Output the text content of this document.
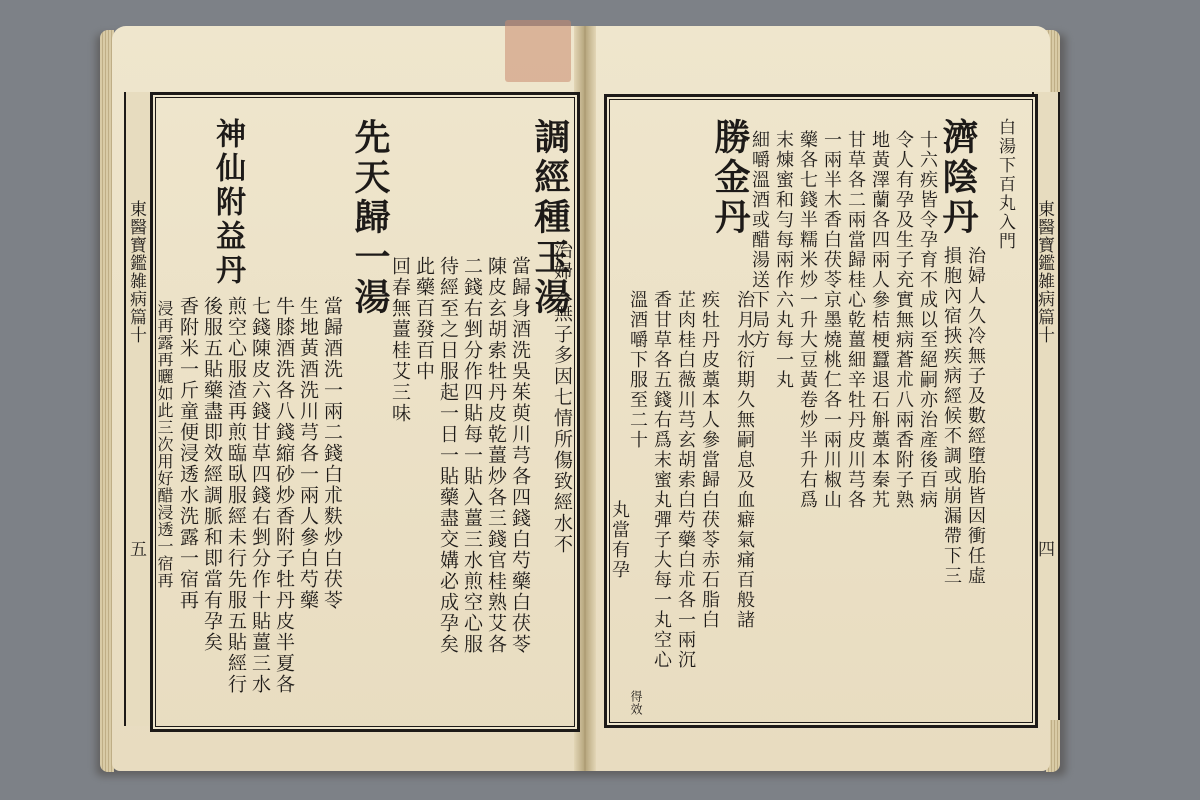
東醫寶鑑雑病篇十
五
東醫寶鑑雑病篇十
四
調經種玉湯
治婦人無子多因七情所傷致經水不
當歸身酒洗吳茱萸川芎各四錢白芍藥白茯苓
陳皮玄胡索牡丹皮乾薑炒各三錢官桂熟艾各
二錢右剉分作四貼每一貼入薑三水煎空心服
待經至之日服起一日一貼藥盡交媾必成孕矣
此藥百發百中
回春無薑桂艾三味
先天歸一湯
當歸酒洗一兩二錢白朮麩炒白茯苓
生地黃酒洗川芎各一兩人參白芍藥
牛膝酒洗各八錢縮砂炒香附子牡丹皮半夏各
七錢陳皮六錢甘草四錢右剉分作十貼薑三水
煎空心服渣再煎臨臥服經未行先服五貼經行
後服五貼藥盡即效經調脈和即當有孕矣
神仙附益丹
香附米一斤童便浸透水洗露一宿再
浸再露再曬如此三次用好醋浸透一宿再
白湯下百丸入門
濟陰丹
治婦人久冷無子及數經墮胎皆因衝任虛
損胞內宿挾疾病經候不調或崩漏帶下三
十六疾皆令孕育不成以至絕嗣亦治產後百病
令人有孕及生子充實無病蒼朮八兩香附子熟
地黃澤蘭各四兩人參桔梗蠶退石斛藁本秦艽
甘草各二兩當歸桂心乾薑細辛牡丹皮川芎各
一兩半木香白茯苓京墨燒桃仁各一兩川椒山
藥各七錢半糯米炒一升大豆黃卷炒半升右爲
末煉蜜和勻每兩作六丸每一丸
細嚼溫酒或醋湯送下局方
勝金丹
治月水衍期久無嗣息及血癖氣痛百般諸
疾牡丹皮藁本人參當歸白茯苓赤石脂白
芷肉桂白薇川芎玄胡索白芍藥白朮各一兩沉
香甘草各五錢右爲末蜜丸彈子大每一丸空心
溫酒嚼下服至二十
丸當有孕
得效
